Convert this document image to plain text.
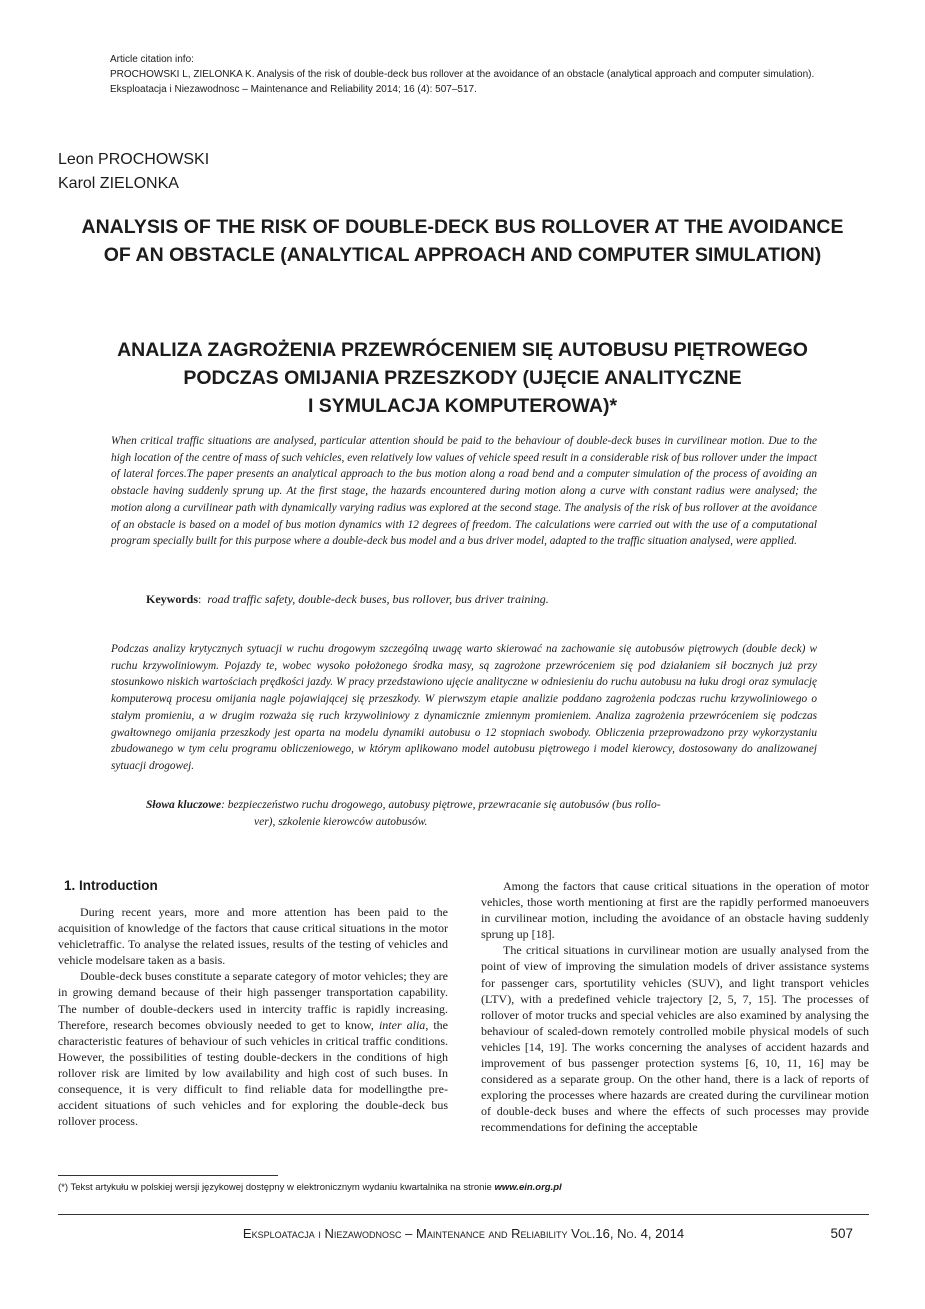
Article citation info:
PROCHOWSKI L, ZIELONKA K. Analysis of the risk of double-deck bus rollover at the avoidance of an obstacle (analytical approach and computer simulation). Eksploatacja i Niezawodnosc – Maintenance and Reliability 2014; 16 (4): 507–517.
Leon PROCHOWSKI
Karol ZIELONKA
ANALYSIS OF THE RISK OF DOUBLE-DECK BUS ROLLOVER AT THE AVOIDANCE
OF AN OBSTACLE (ANALYTICAL APPROACH AND COMPUTER SIMULATION)
ANALIZA ZAGROŻENIA PRZEWRÓCENIEM SIĘ AUTOBUSU PIĘTROWEGO
PODCZAS OMIJANIA PRZESZKODY (UJĘCIE ANALITYCZNE
I SYMULACJA KOMPUTEROWA)*
When critical traffic situations are analysed, particular attention should be paid to the behaviour of double-deck buses in curvilinear motion. Due to the high location of the centre of mass of such vehicles, even relatively low values of vehicle speed result in a considerable risk of bus rollover under the impact of lateral forces.The paper presents an analytical approach to the bus motion along a road bend and a computer simulation of the process of avoiding an obstacle having suddenly sprung up. At the first stage, the hazards encountered during motion along a curve with constant radius were analysed; the motion along a curvilinear path with dynamically varying radius was explored at the second stage. The analysis of the risk of bus rollover at the avoidance of an obstacle is based on a model of bus motion dynamics with 12 degrees of freedom. The calculations were carried out with the use of a computational program specially built for this purpose where a double-deck bus model and a bus driver model, adapted to the traffic situation analysed, were applied.
Keywords:  road traffic safety, double-deck buses, bus rollover, bus driver training.
Podczas analizy krytycznych sytuacji w ruchu drogowym szczególną uwagę warto skierować na zachowanie się autobusów piętrowych (double deck) w ruchu krzywoliniowym. Pojazdy te, wobec wysoko położonego środka masy, są zagrożone przewróceniem się pod działaniem sił bocznych już przy stosunkowo niskich wartościach prędkości jazdy. W pracy przedstawiono ujęcie analityczne w odniesieniu do ruchu autobusu na łuku drogi oraz symulację komputerową procesu omijania nagle pojawiającej się przeszkody. W pierwszym etapie analizie poddano zagrożenia podczas ruchu krzywoliniowego o stałym promieniu, a w drugim rozważa się ruch krzywoliniowy z dynamicznie zmiennym promieniem. Analiza zagrożenia przewróceniem się podczas gwałtownego omijania przeszkody jest oparta na modelu dynamiki autobusu o 12 stopniach swobody. Obliczenia przeprowadzono przy wykorzystaniu zbudowanego w tym celu programu obliczeniowego, w którym aplikowano model autobusu piętrowego i model kierowcy, dostosowany do analizowanej sytuacji drogowej.
Słowa kluczowe: bezpieczeństwo ruchu drogowego, autobusy piętrowe, przewracanie się autobusów (bus rollo-
ver), szkolenie kierowców autobusów.
1. Introduction

During recent years, more and more attention has been paid to the acquisition of knowledge of the factors that cause critical situations in the motor vehicletraffic. To analyse the related issues, results of the testing of vehicles and vehicle modelsare taken as a basis.

Double-deck buses constitute a separate category of motor vehicles; they are in growing demand because of their high passenger transportation capability. The number of double-deckers used in intercity traffic is rapidly increasing. Therefore, research becomes obviously needed to get to know, inter alia, the characteristic features of behaviour of such vehicles in critical traffic conditions. However, the possibilities of testing double-deckers in the conditions of high rollover risk are limited by low availability and high cost of such buses. In consequence, it is very difficult to find reliable data for modellingthe pre-accident situations of such vehicles and for exploring the double-deck bus rollover process.

Among the factors that cause critical situations in the operation of motor vehicles, those worth mentioning at first are the rapidly performed manoeuvers in curvilinear motion, including the avoidance of an obstacle having suddenly sprung up [18].

The critical situations in curvilinear motion are usually analysed from the point of view of improving the simulation models of driver assistance systems for passenger cars, sportutility vehicles (SUV), and light transport vehicles (LTV), with a predefined vehicle trajectory [2, 5, 7, 15]. The processes of rollover of motor trucks and special vehicles are also examined by analysing the behaviour of scaled-down remotely controlled mobile physical models of such vehicles [14, 19]. The works concerning the analyses of accident hazards and improvement of bus passenger protection systems [6, 10, 11, 16] may be considered as a separate group. On the other hand, there is a lack of reports of exploring the processes where hazards are created during the curvilinear motion of double-deck buses and where the effects of such processes may provide recommendations for defining the acceptable

(*) Tekst artykułu w polskiej wersji językowej dostępny w elektronicznym wydaniu kwartalnika na stronie www.ein.org.pl
Eksploatacja i Niezawodnosc – Maintenance and Reliability Vol.16, No. 4, 2014	507
